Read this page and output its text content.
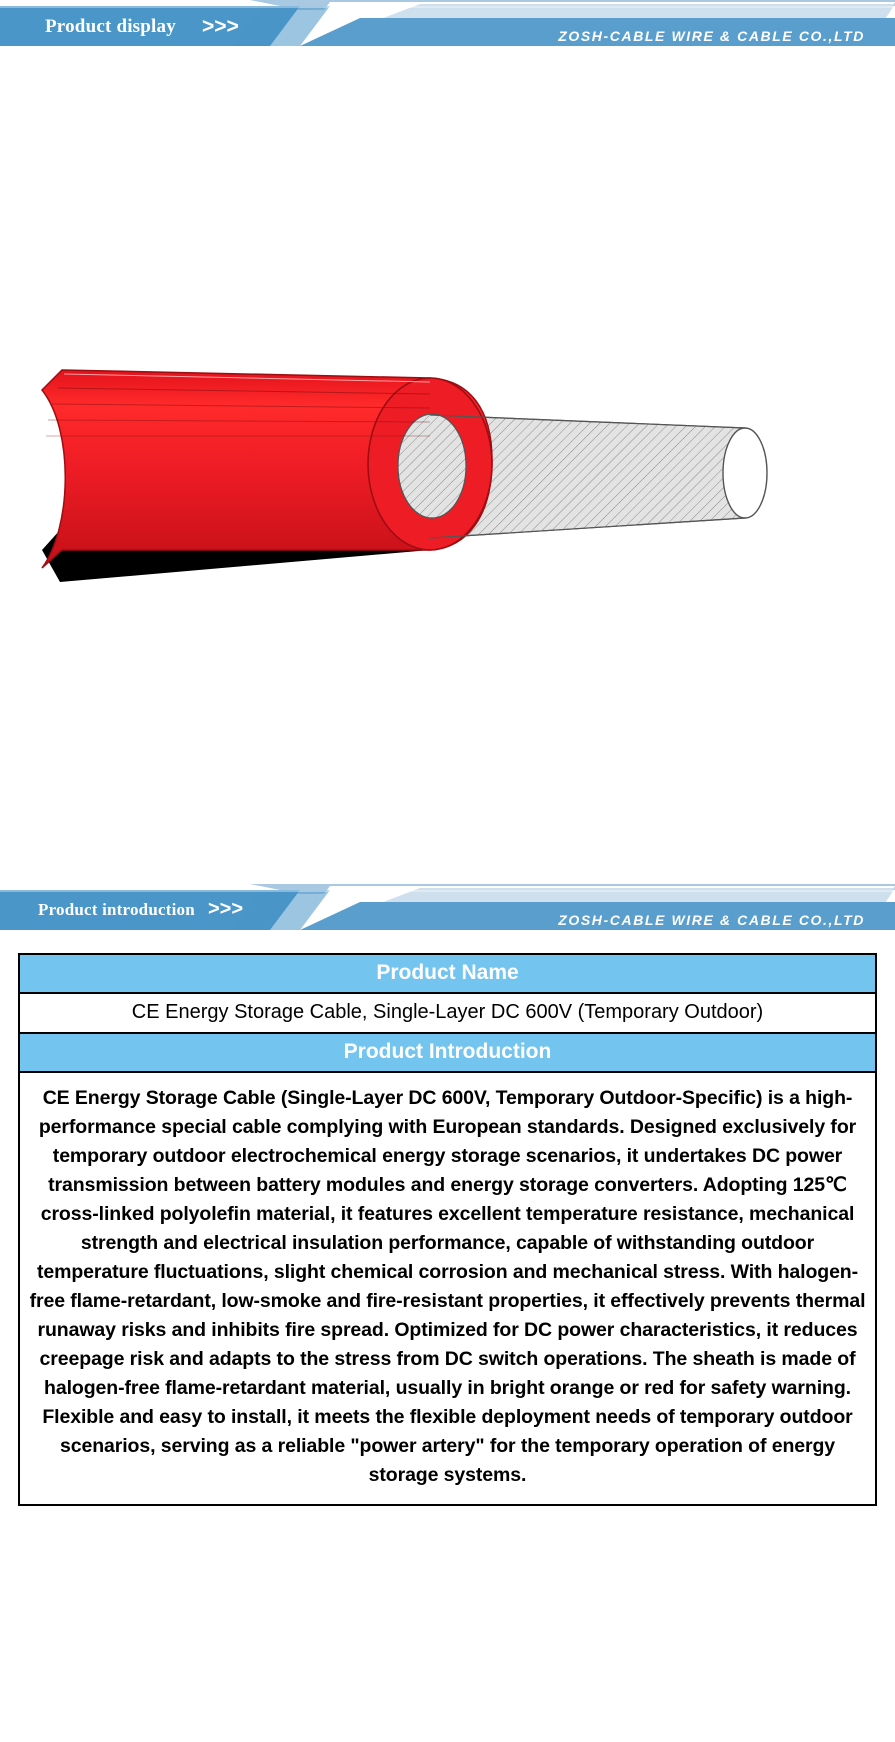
Product display >>>	ZOSH-CABLE WIRE & CABLE CO.,LTD
Product introduction >>>	ZOSH-CABLE WIRE & CABLE CO.,LTD
Product Name
CE Energy Storage Cable, Single-Layer DC 600V (Temporary Outdoor)
Product Introduction
CE Energy Storage Cable (Single-Layer DC 600V, Temporary Outdoor-Specific) is a high-performance special cable complying with European standards. Designed exclusively for temporary outdoor electrochemical energy storage scenarios, it undertakes DC power transmission between battery modules and energy storage converters. Adopting 125℃ cross-linked polyolefin material, it features excellent temperature resistance, mechanical strength and electrical insulation performance, capable of withstanding outdoor temperature fluctuations, slight chemical corrosion and mechanical stress. With halogen-free flame-retardant, low-smoke and fire-resistant properties, it effectively prevents thermal runaway risks and inhibits fire spread. Optimized for DC power characteristics, it reduces creepage risk and adapts to the stress from DC switch operations. The sheath is made of halogen-free flame-retardant material, usually in bright orange or red for safety warning. Flexible and easy to install, it meets the flexible deployment needs of temporary outdoor scenarios, serving as a reliable "power artery" for the temporary operation of energy storage systems.
